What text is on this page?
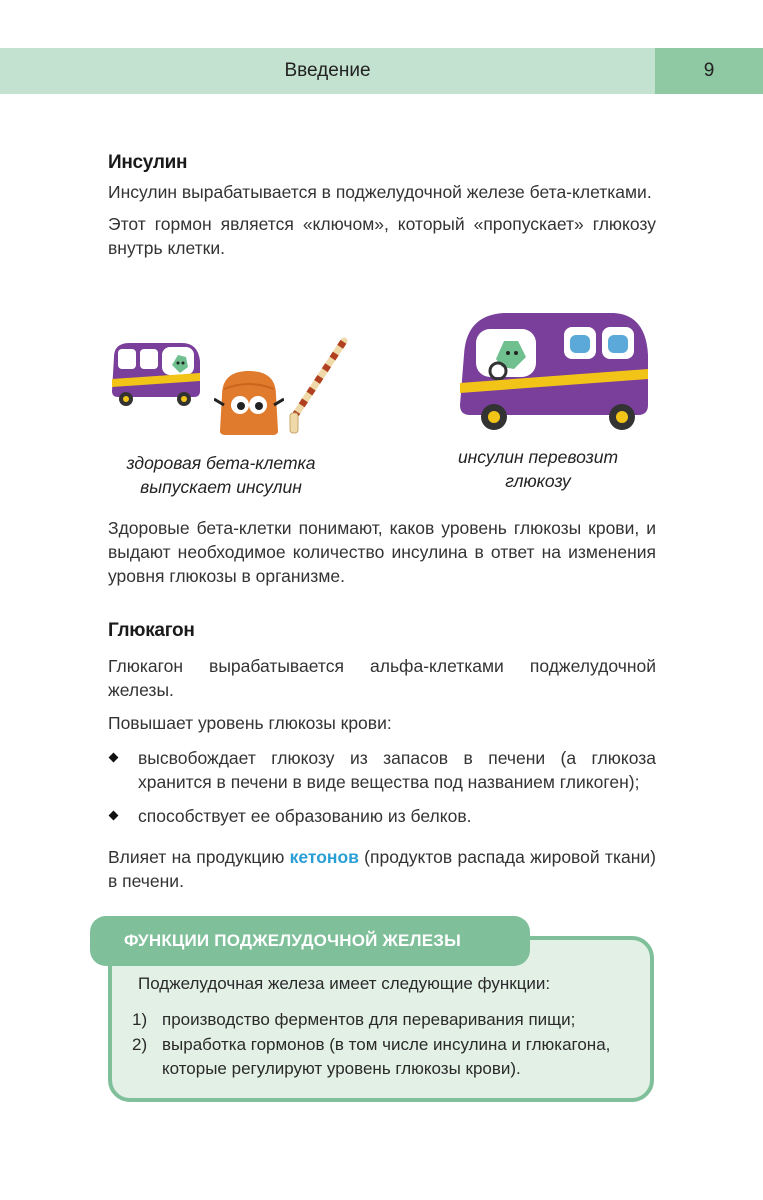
Введение	9
Инсулин

Инсулин вырабатывается в поджелудочной железе бета-клетками.

Этот гормон является «ключом», который «пропускает» глюкозу внутрь клетки.

здоровая бета-клетка
выпускает инсулин
инсулин перевозит
глюкозу

Здоровые бета-клетки понимают, каков уровень глюкозы крови, и выдают необходимое количество инсулина в ответ на изменения уровня глюкозы в организме.

Глюкагон

Глюкагон вырабатывается альфа-клетками поджелудочной железы.

Повышает уровень глюкозы крови:

высвобождает глюкозу из запасов в печени (а глюкоза хранится в печени в виде вещества под названием гликоген);
способствует ее образованию из белков.

Влияет на продукцию кетонов (продуктов распада жировой ткани) в печени.

ФУНКЦИИ ПОДЖЕЛУДОЧНОЙ ЖЕЛЕЗЫ
Поджелудочная железа имеет следующие функции:
1) производство ферментов для переваривания пищи;
2) выработка гормонов (в том числе инсулина и глюкагона, которые регулируют уровень глюкозы крови).
